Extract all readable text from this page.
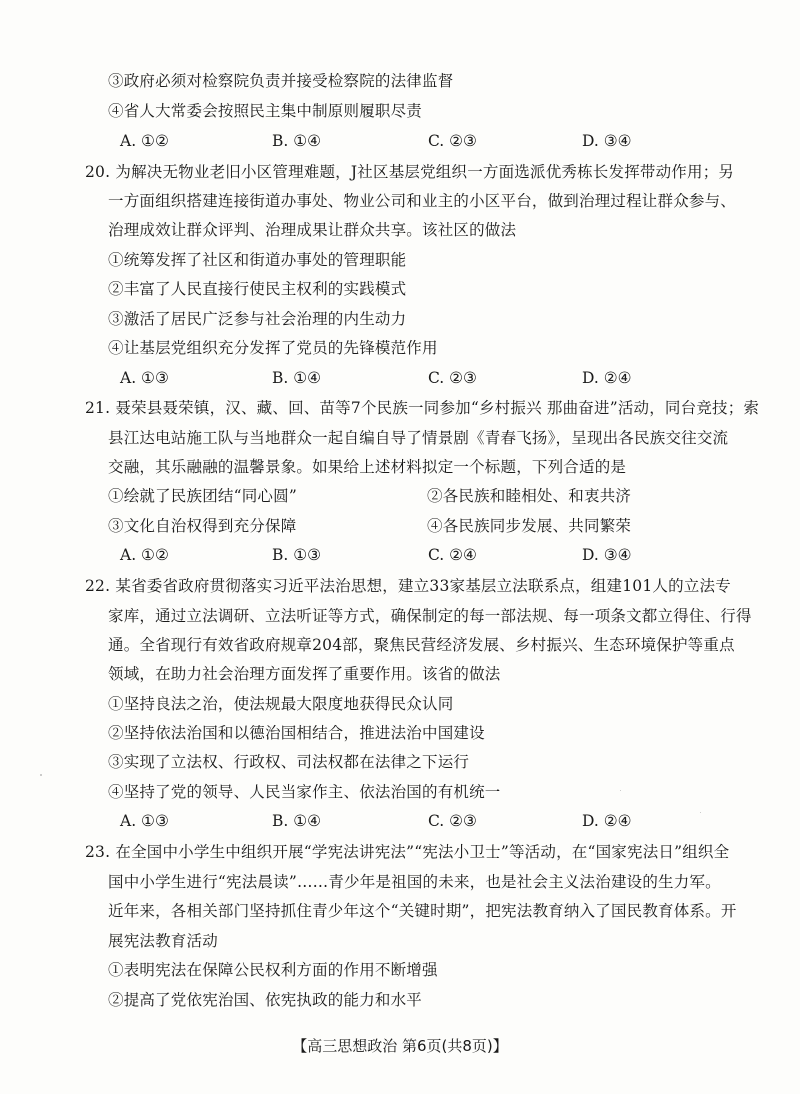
③政府必须对检察院负责并接受检察院的法律监督
④省人大常委会按照民主集中制原则履职尽责
A. ①②	B. ①④	C. ②③	D. ③④
20. 为解决无物业老旧小区管理难题，J社区基层党组织一方面选派优秀栋长发挥带动作用；另
一方面组织搭建连接街道办事处、物业公司和业主的小区平台，做到治理过程让群众参与、
治理成效让群众评判、治理成果让群众共享。该社区的做法
①统筹发挥了社区和街道办事处的管理职能
②丰富了人民直接行使民主权利的实践模式
③激活了居民广泛参与社会治理的内生动力
④让基层党组织充分发挥了党员的先锋模范作用
A. ①③	B. ①④	C. ②③	D. ②④
21. 聂荣县聂荣镇，汉、藏、回、苗等7个民族一同参加“乡村振兴 那曲奋进”活动，同台竞技；索
县江达电站施工队与当地群众一起自编自导了情景剧《青春飞扬》，呈现出各民族交往交流
交融，其乐融融的温馨景象。如果给上述材料拟定一个标题，下列合适的是
①绘就了民族团结“同心圆”	②各民族和睦相处、和衷共济
③文化自治权得到充分保障	④各民族同步发展、共同繁荣
A. ①②	B. ①③	C. ②④	D. ③④
22. 某省委省政府贯彻落实习近平法治思想，建立33家基层立法联系点，组建101人的立法专
家库，通过立法调研、立法听证等方式，确保制定的每一部法规、每一项条文都立得住、行得
通。全省现行有效省政府规章204部，聚焦民营经济发展、乡村振兴、生态环境保护等重点
领域，在助力社会治理方面发挥了重要作用。该省的做法
①坚持良法之治，使法规最大限度地获得民众认同
②坚持依法治国和以德治国相结合，推进法治中国建设
③实现了立法权、行政权、司法权都在法律之下运行
④坚持了党的领导、人民当家作主、依法治国的有机统一
A. ①③	B. ①④	C. ②③	D. ②④
23. 在全国中小学生中组织开展“学宪法讲宪法”“宪法小卫士”等活动，在“国家宪法日”组织全
国中小学生进行“宪法晨读”……青少年是祖国的未来，也是社会主义法治建设的生力军。
近年来，各相关部门坚持抓住青少年这个“关键时期”，把宪法教育纳入了国民教育体系。开
展宪法教育活动
①表明宪法在保障公民权利方面的作用不断增强
②提高了党依宪治国、依宪执政的能力和水平
【高三思想政治 第6页(共8页)】
